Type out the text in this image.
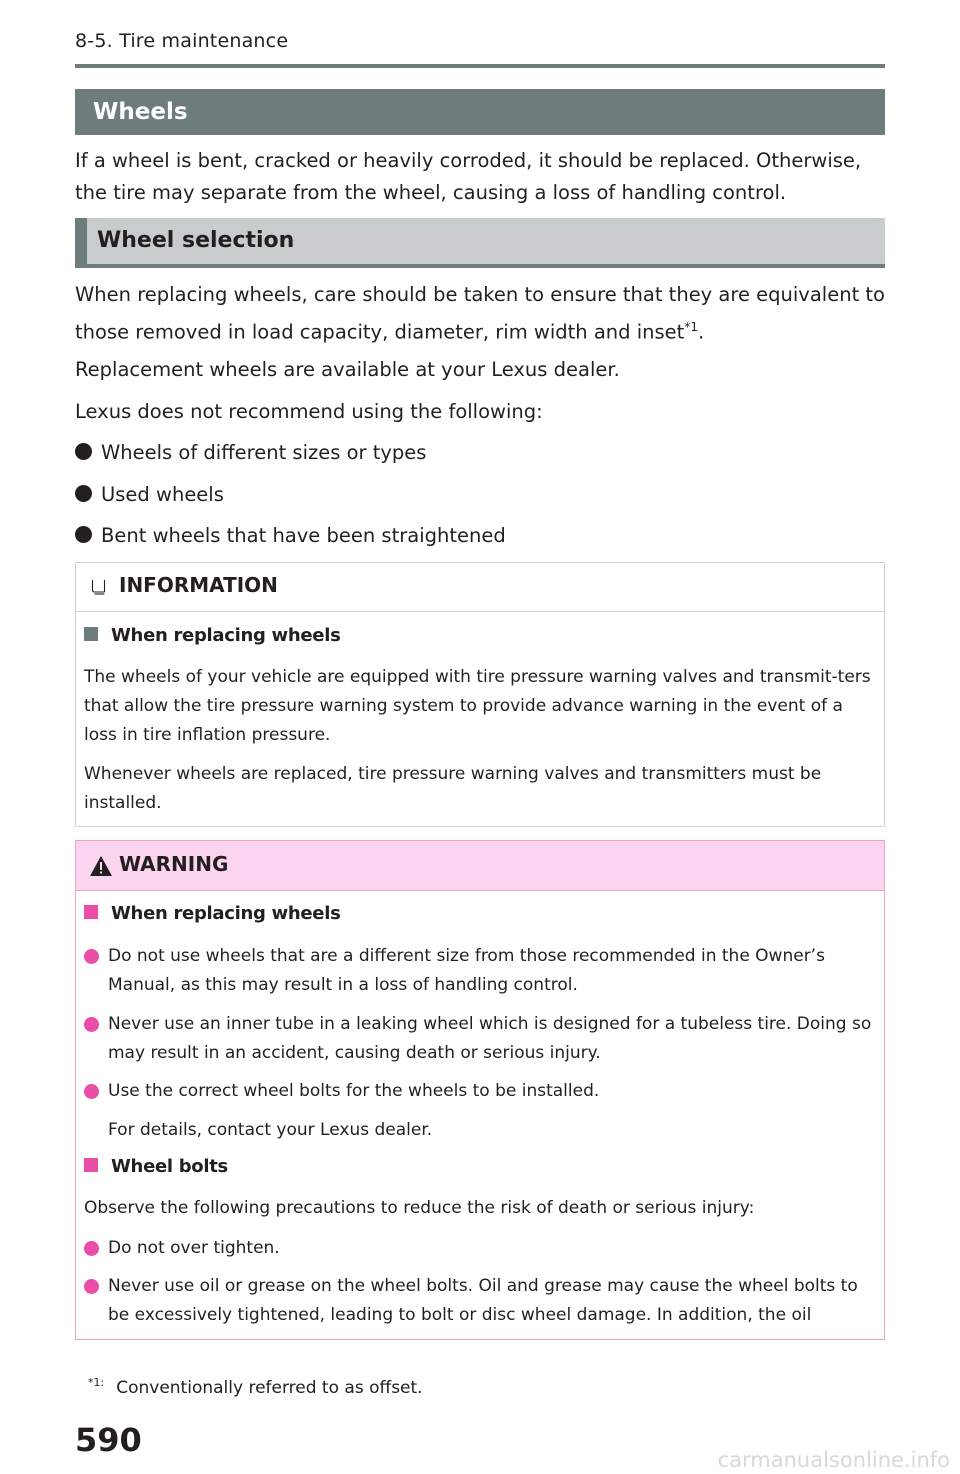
8-5. Tire maintenance
Wheels

If a wheel is bent, cracked or heavily corroded, it should be replaced. Otherwise, the tire may separate from the wheel, causing a loss of handling control.

Wheel selection

When replacing wheels, care should be taken to ensure that they are equivalent to those removed in load capacity, diameter, rim width and inset$^{*1}$.

Replacement wheels are available at your Lexus dealer.

Lexus does not recommend using the following:

Wheels of different sizes or types
Used wheels
Bent wheels that have been straightened
INFORMATION
When replacing wheels

The wheels of your vehicle are equipped with tire pressure warning valves and transmit-ters that allow the tire pressure warning system to provide advance warning in the event of a loss in tire inflation pressure.

Whenever wheels are replaced, tire pressure warning valves and transmitters must be installed.

WARNING
When replacing wheels

Do not use wheels that are a different size from those recommended in the Owner’s Manual, as this may result in a loss of handling control.

Never use an inner tube in a leaking wheel which is designed for a tubeless tire. Doing so may result in an accident, causing death or serious injury.

Use the correct wheel bolts for the wheels to be installed.

For details, contact your Lexus dealer.

Wheel bolts

Observe the following precautions to reduce the risk of death or serious injury:

Do not over tighten.

Never use oil or grease on the wheel bolts. Oil and grease may cause the wheel bolts to be excessively tightened, leading to bolt or disc wheel damage. In addition, the oil

$^{*1:}$ Conventionally referred to as offset.
590
carmanualsonline.info
